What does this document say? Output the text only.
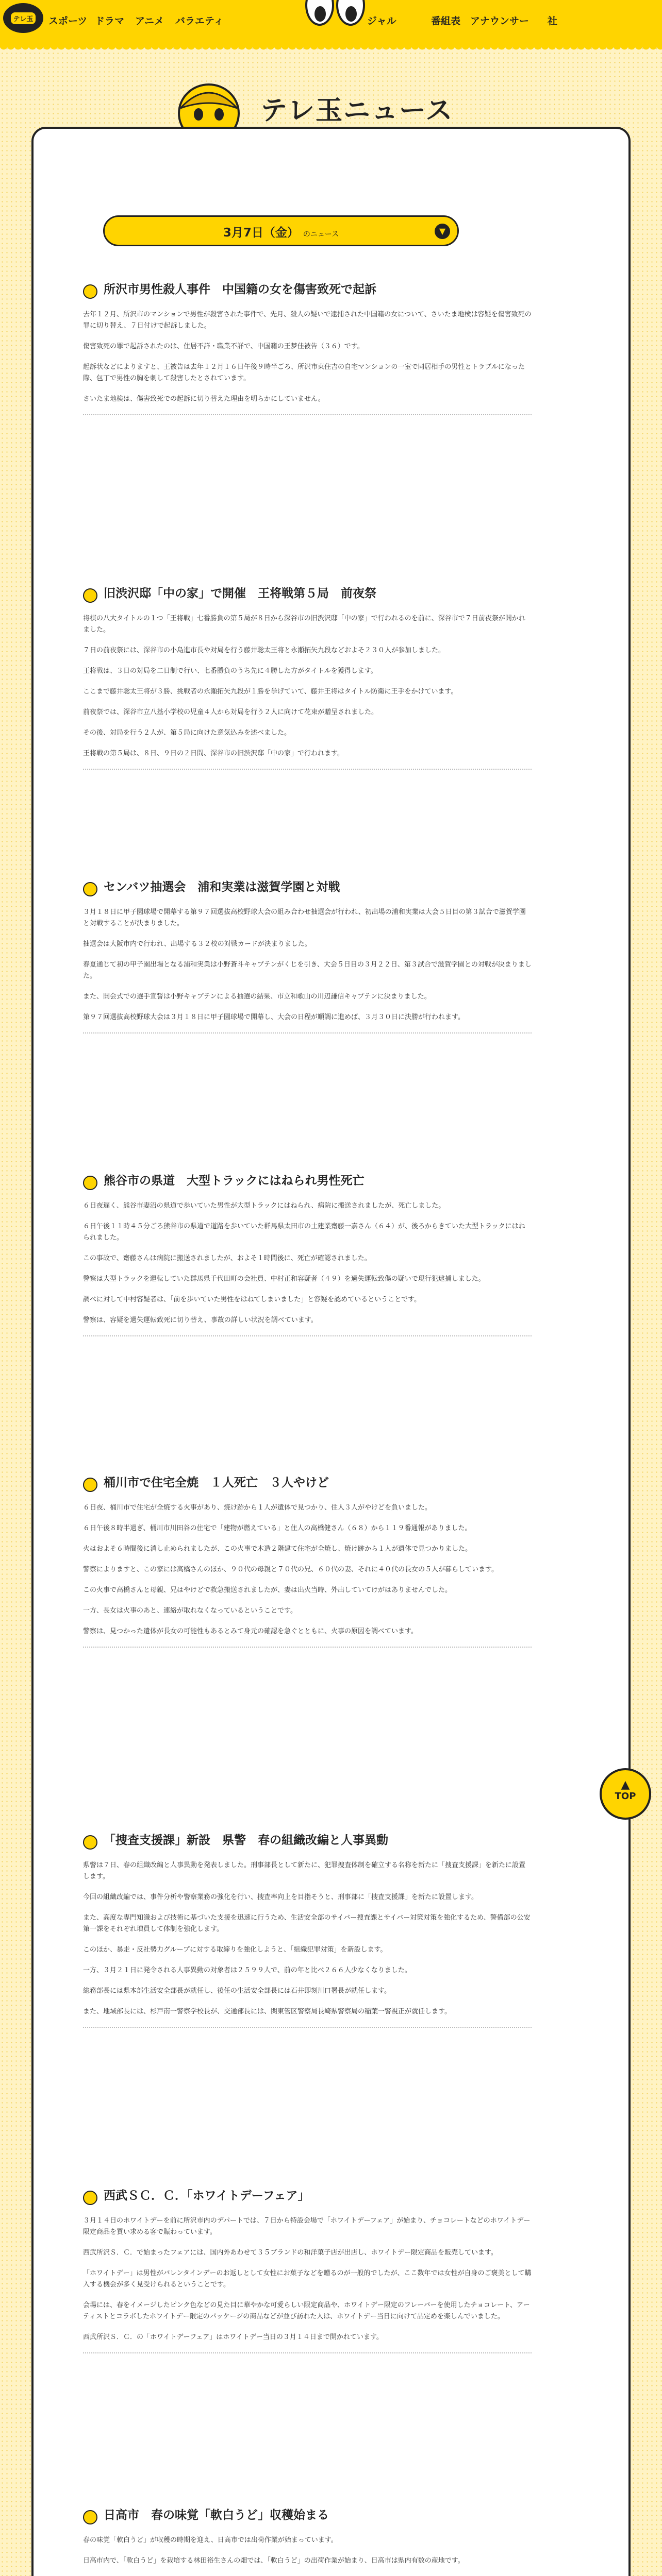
テレ玉 スポーツ ドラマ アニメ バラエティ	ジャル	番組表 アナウンサー 社
テレ玉ニュース

3月7日（金） のニュース	▼
所沢市男性殺人事件　中国籍の女を傷害致死で起訴

去年１２月、所沢市のマンションで男性が殺害された事件で、先月、殺人の疑いで逮捕された中国籍の女について、さいたま地検は容疑を傷害致死の罪に切り替え、７日付けで起訴しました。

傷害致死の罪で起訴されたのは、住居不詳・職業不詳で、中国籍の王梦佳被告（３６）です。

起訴状などによりますと、王被告は去年１２月１６日午後９時半ごろ、所沢市東住吉の自宅マンションの一室で同居相手の男性とトラブルになった際、包丁で男性の胸を刺して殺害したとされています。

さいたま地検は、傷害致死での起訴に切り替えた理由を明らかにしていません。

旧渋沢邸「中の家」で開催　王将戦第５局　前夜祭

将棋の八大タイトルの１つ「王将戦」七番勝負の第５局が８日から深谷市の旧渋沢邸「中の家」で行われるのを前に、深谷市で７日前夜祭が開かれました。

７日の前夜祭には、深谷市の小島進市長や対局を行う藤井聡太王将と永瀬拓矢九段などおよそ２３０人が参加しました。

王将戦は、３日の対局を二日制で行い、七番勝負のうち先に４勝した方がタイトルを獲得します。

ここまで藤井聡太王将が３勝、挑戦者の永瀬拓矢九段が１勝を挙げていて、藤井王将はタイトル防衛に王手をかけています。

前夜祭では、深谷市立八基小学校の児童４人から対局を行う２人に向けて花束が贈呈されました。

その後、対局を行う２人が、第５局に向けた意気込みを述べました。

王将戦の第５局は、８日、９日の２日間、深谷市の旧渋沢邸「中の家」で行われます。

センバツ抽選会　浦和実業は滋賀学園と対戦

３月１８日に甲子園球場で開幕する第９７回選抜高校野球大会の組み合わせ抽選会が行われ、初出場の浦和実業は大会５日目の第３試合で滋賀学園と対戦することが決まりました。

抽選会は大阪市内で行われ、出場する３２校の対戦カードが決まりました。

春夏通じて初の甲子園出場となる浦和実業は小野蒼斗キャプテンがくじを引き、大会５日目の３月２２日、第３試合で滋賀学園との対戦が決まりました。

また、開会式での選手宣誓は小野キャプテンによる抽選の結果、市立和歌山の川辺謙信キャプテンに決まりました。

第９７回選抜高校野球大会は３月１８日に甲子園球場で開幕し、大会の日程が順調に進めば、３月３０日に決勝が行われます。

熊谷市の県道　大型トラックにはねられ男性死亡

６日夜遅く、熊谷市妻沼の県道で歩いていた男性が大型トラックにはねられ、病院に搬送されましたが、死亡しました。

６日午後１１時４５分ごろ熊谷市の県道で道路を歩いていた群馬県太田市の土建業齋藤一嘉さん（６４）が、後ろからきていた大型トラックにはねられました。

この事故で、齋藤さんは病院に搬送されましたが、およそ１時間後に、死亡が確認されました。

警察は大型トラックを運転していた群馬県千代田町の会社員、中村正和容疑者（４９）を過失運転致傷の疑いで現行犯逮捕しました。

調べに対して中村容疑者は、「前を歩いていた男性をはねてしまいました」と容疑を認めているということです。

警察は、容疑を過失運転致死に切り替え、事故の詳しい状況を調べています。

桶川市で住宅全焼　１人死亡　３人やけど

６日夜、桶川市で住宅が全焼する火事があり、焼け跡から１人が遺体で見つかり、住人３人がやけどを負いました。

６日午後８時半過ぎ、桶川市川田谷の住宅で「建物が燃えている」と住人の高橋健さん（６８）から１１９番通報がありました。

火はおよそ６時間後に消し止められましたが、この火事で木造２階建て住宅が全焼し、焼け跡から１人が遺体で見つかりました。

警察によりますと、この家には高橋さんのほか、９０代の母親と７０代の兄、６０代の妻、それに４０代の長女の５人が暮らしています。

この火事で高橋さんと母親、兄はやけどで救急搬送されましたが、妻は出火当時、外出していてけがはありませんでした。

一方、長女は火事のあと、連絡が取れなくなっているということです。

警察は、見つかった遺体が長女の可能性もあるとみて身元の確認を急ぐとともに、火事の原因を調べています。

「捜査支援課」新設　県警　春の組織改編と人事異動

県警は７日、春の組織改編と人事異動を発表しました。刑事部長として新たに、犯罪捜査体制を確立する名称を新たに「捜査支援課」を新たに設置します。

今回の組織改編では、事件分析や警察業務の強化を行い、捜査率向上を目指そうと、刑事部に「捜査支援課」を新たに設置します。

また、高度な専門知識および技術に基づいた支援を迅速に行うため、生活安全部のサイバー捜査課とサイバー対策対策を強化するため、警備部の公安第一課をそれぞれ増員して体制を強化します。

このほか、暴走・反社勢力グループに対する取締りを強化しようと、「組織犯罪対策」を新設します。

一方、３月２１日に発令される人事異動の対象者は２５９９人で、前の年と比べ２６６人少なくなりました。

総務部長には県本部生活安全部長が就任し、後任の生活安全部長には石井即刻川口署長が就任します。

また、地域部長には、杉戸南一警察学校長が、交通部長には、関東管区警察局長崎県警察局の稲葉一警視正が就任します。

西武ＳＣ．Ｃ．「ホワイトデーフェア」

３月１４日のホワイトデーを前に所沢市内のデパートでは、７日から特設会場で「ホワイトデーフェア」が始まり、チョコレートなどのホワイトデー限定商品を買い求める客で賑わっています。

西武所沢Ｓ．Ｃ．で始まったフェアには、国内外あわせて３５ブランドの和洋菓子店が出店し、ホワイトデー限定商品を販売しています。

「ホワイトデー」は男性がバレンタインデーのお返しとして女性にお菓子などを贈るのが一般的でしたが、ここ数年では女性が自身のご褒美として購入する機会が多く見受けられるということです。

会場には、春をイメージしたピンク色などの見た目に華やかな可愛らしい限定商品や、ホワイトデー限定のフレーバーを使用したチョコレート、アーティストとコラボしたホワイトデー限定のパッケージの商品などが並び訪れた人は、ホワイトデー当日に向けて品定めを楽しんでいました。

西武所沢Ｓ．Ｃ．の「ホワイトデーフェア」はホワイトデー当日の３月１４日まで開かれています。

日高市　春の味覚「軟白うど」収穫始まる

春の味覚「軟白うど」が収穫の時期を迎え、日高市では出荷作業が始まっています。

日高市内で、「軟白うど」を栽培する林田裕生さんの畑では、「軟白うど」の出荷作業が始まり、日高市は県内有数の産地です。

▲
TOP
